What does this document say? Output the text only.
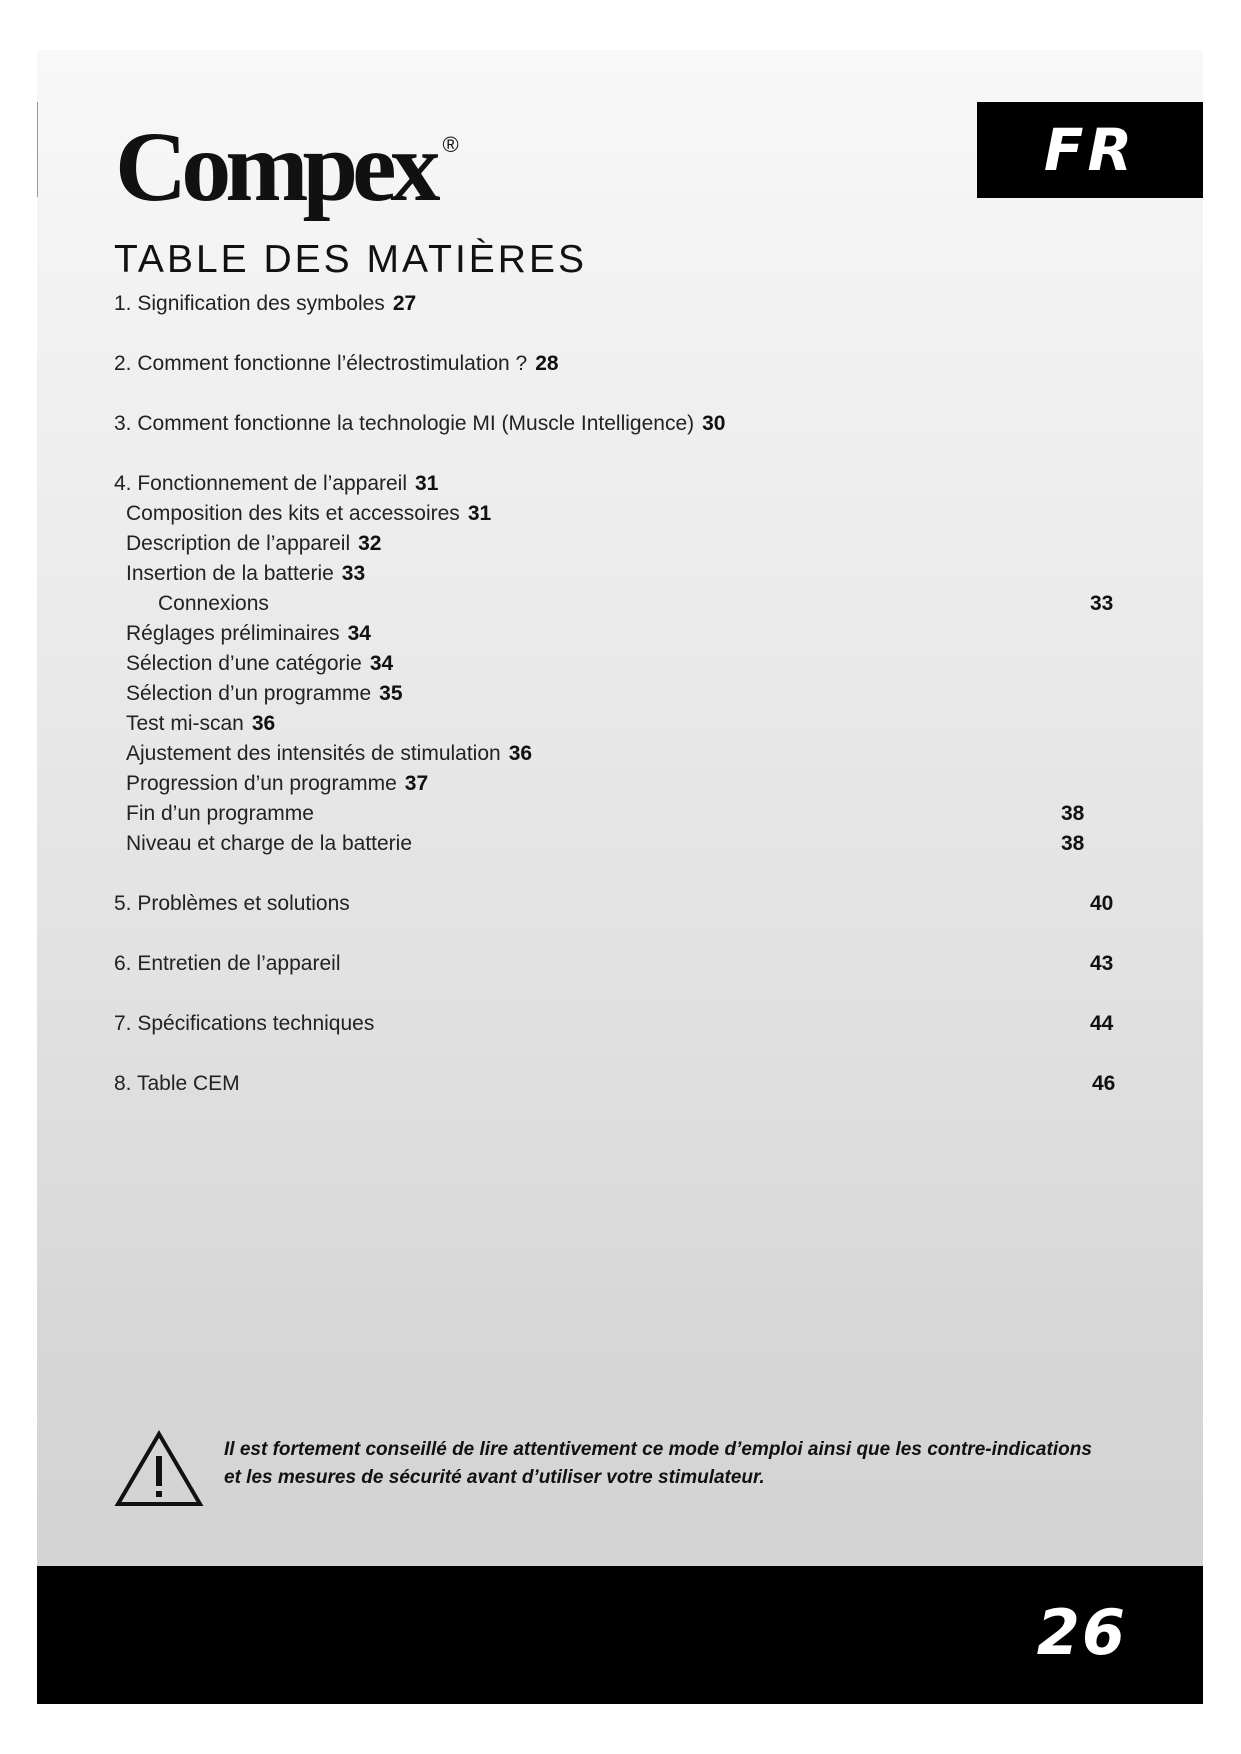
Compex ®	FR
TABLE DES MATIÈRES
1. Signification des symboles 27
2. Comment fonctionne l’électrostimulation ? 28
3. Comment fonctionne la technologie MI (Muscle Intelligence) 30
4. Fonctionnement de l’appareil 31
Composition des kits et accessoires 31
Description de l’appareil 32
Insertion de la batterie 33
Connexions	33
Réglages préliminaires 34
Sélection d’une catégorie 34
Sélection d’un programme 35
Test mi-scan 36
Ajustement des intensités de stimulation 36
Progression d’un programme 37
Fin d’un programme	38
Niveau et charge de la batterie	38
5. Problèmes et solutions	40
6. Entretien de l’appareil	43
7. Spécifications techniques	44
8. Table CEM	46
Il est fortement conseillé de lire attentivement ce mode d’emploi ainsi que les contre-indications
et les mesures de sécurité avant d’utiliser votre stimulateur.
26
